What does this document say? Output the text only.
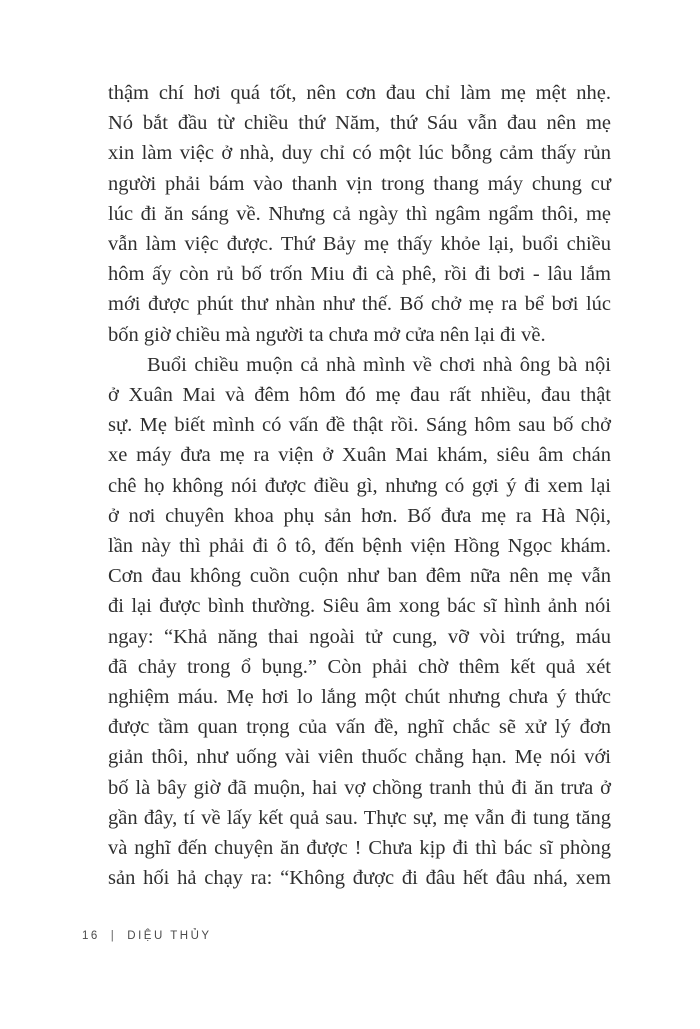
thậm chí hơi quá tốt, nên cơn đau chỉ làm mẹ mệt nhẹ.
Nó bắt đầu từ chiều thứ Năm, thứ Sáu vẫn đau nên mẹ
xin làm việc ở nhà, duy chỉ có một lúc bỗng cảm thấy rủn
người phải bám vào thanh vịn trong thang máy chung cư
lúc đi ăn sáng về. Nhưng cả ngày thì ngâm ngẩm thôi, mẹ
vẫn làm việc được. Thứ Bảy mẹ thấy khỏe lại, buổi chiều
hôm ấy còn rủ bố trốn Miu đi cà phê, rồi đi bơi - lâu lắm
mới được phút thư nhàn như thế. Bố chở mẹ ra bể bơi lúc
bốn giờ chiều mà người ta chưa mở cửa nên lại đi về.
Buổi chiều muộn cả nhà mình về chơi nhà ông bà nội
ở Xuân Mai và đêm hôm đó mẹ đau rất nhiều, đau thật
sự. Mẹ biết mình có vấn đề thật rồi. Sáng hôm sau bố chở
xe máy đưa mẹ ra viện ở Xuân Mai khám, siêu âm chán
chê họ không nói được điều gì, nhưng có gợi ý đi xem lại
ở nơi chuyên khoa phụ sản hơn. Bố đưa mẹ ra Hà Nội,
lần này thì phải đi ô tô, đến bệnh viện Hồng Ngọc khám.
Cơn đau không cuồn cuộn như ban đêm nữa nên mẹ vẫn
đi lại được bình thường. Siêu âm xong bác sĩ hình ảnh nói
ngay: “Khả năng thai ngoài tử cung, vỡ vòi trứng, máu
đã chảy trong ổ bụng.” Còn phải chờ thêm kết quả xét
nghiệm máu. Mẹ hơi lo lắng một chút nhưng chưa ý thức
được tầm quan trọng của vấn đề, nghĩ chắc sẽ xử lý đơn
giản thôi, như uống vài viên thuốc chẳng hạn. Mẹ nói với
bố là bây giờ đã muộn, hai vợ chồng tranh thủ đi ăn trưa ở
gần đây, tí về lấy kết quả sau. Thực sự, mẹ vẫn đi tung tăng
và nghĩ đến chuyện ăn được ! Chưa kịp đi thì bác sĩ phòng
sản hối hả chạy ra: “Không được đi đâu hết đâu nhá, xem
16 | DIỆU THỦY
